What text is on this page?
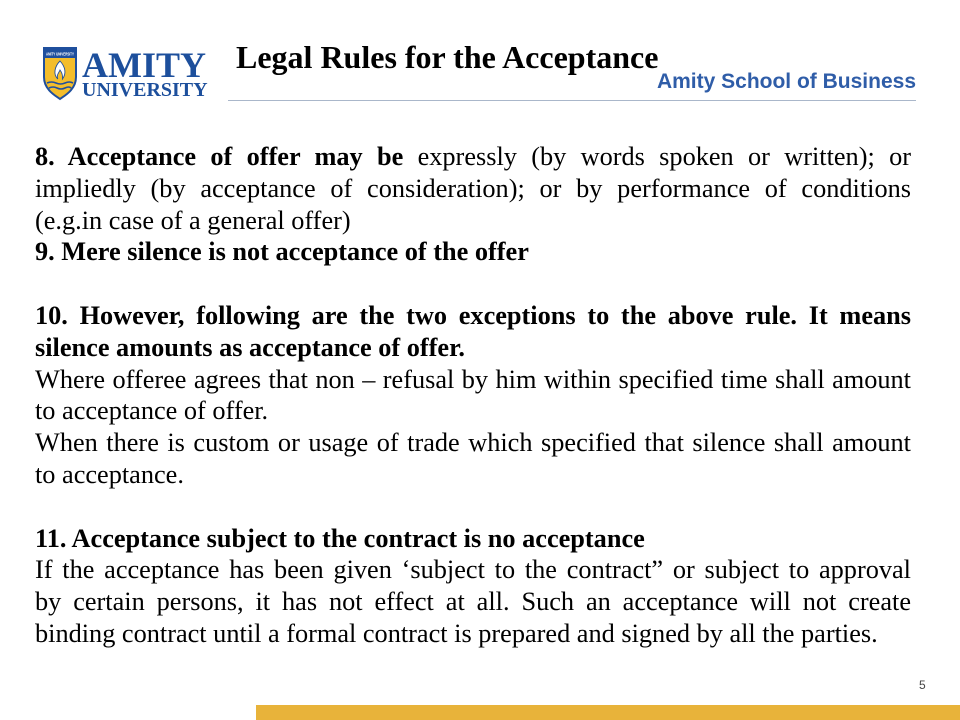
AMITY UNIVERSITY AMITY
UNIVERSITY
Legal Rules for the Acceptance
Amity School of Business
8. Acceptance of offer may be expressly (by words spoken or written); or
impliedly (by acceptance of consideration); or by performance of conditions
(e.g.in case of a general offer)
9. Mere silence is not acceptance of the offer
10. However, following are the two exceptions to the above rule. It means
silence amounts as acceptance of offer.
Where offeree agrees that non – refusal by him within specified time shall amount
to acceptance of offer.
When there is custom or usage of trade which specified that silence shall amount
to acceptance.
11. Acceptance subject to the contract is no acceptance
If the acceptance has been given ‘subject to the contract” or subject to approval
by certain persons, it has not effect at all. Such an acceptance will not create
binding contract until a formal contract is prepared and signed by all the parties.
5
